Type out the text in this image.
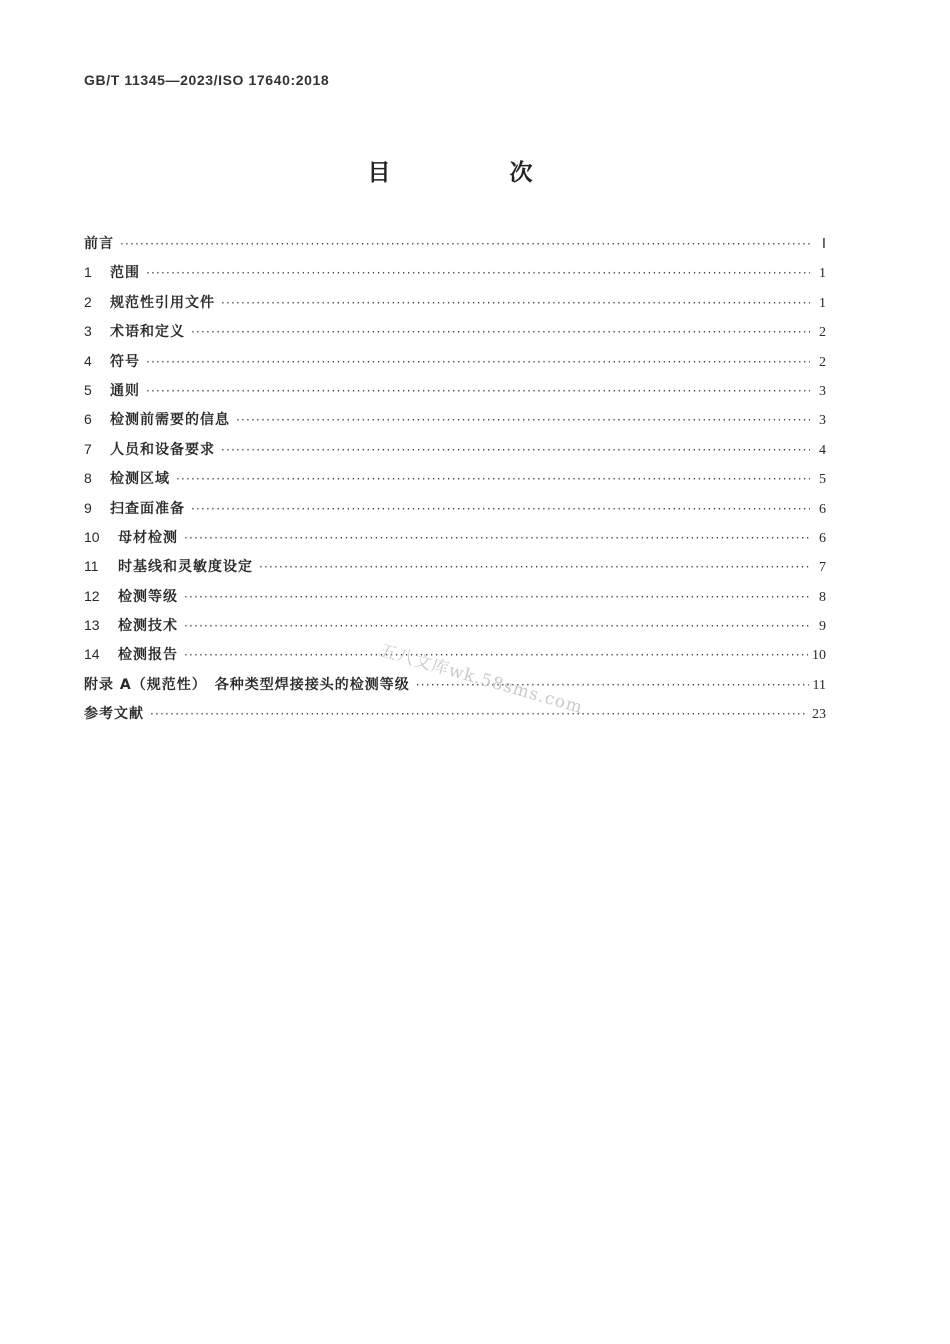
GB/T 11345—2023/ISO 17640:2018
目　次
前言 ·····	Ⅰ
1	范围 ·····	1
2	规范性引用文件 ·····	1
3	术语和定义 ·····	2
4	符号 ·····	2
5	通则 ·····	3
6	检测前需要的信息 ·····	3
7	人员和设备要求 ·····	4
8	检测区域 ·····	5
9	扫查面准备 ·····	6
10	母材检测 ·····	6
11	时基线和灵敏度设定 ·····	7
12	检测等级 ·····	8
13	检测技术 ·····	9
14	检测报告 ·····	10
附录 A（规范性）　各种类型焊接接头的检测等级 ·····	11
参考文献 ·····	23
五八文库wk.58sms.com
